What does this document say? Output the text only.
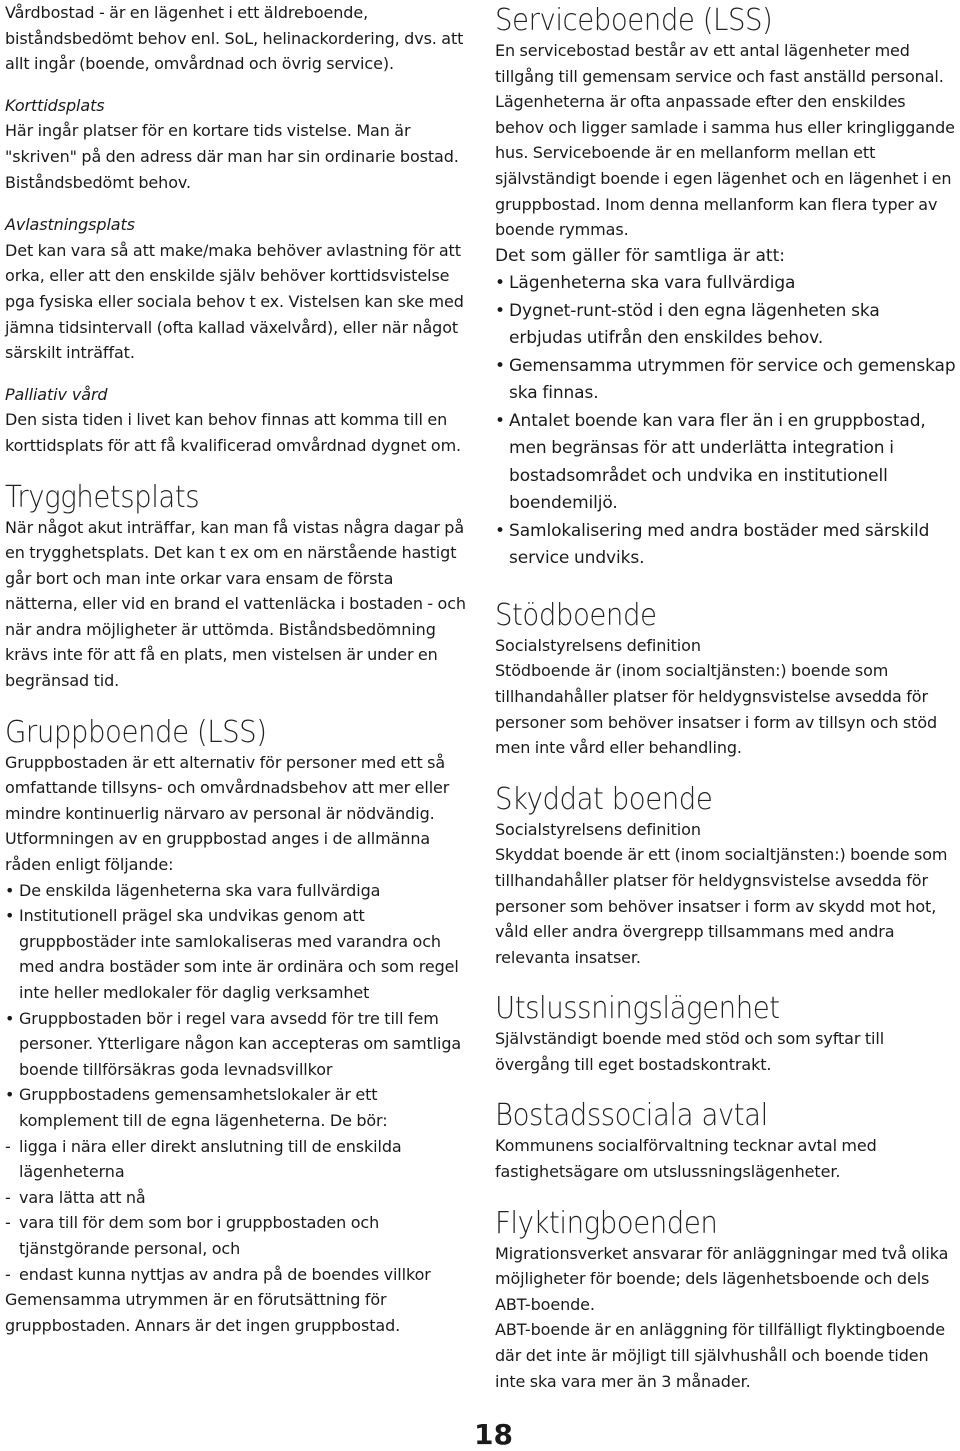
Vårdbostad - är en lägenhet i ett äldreboende, biståndsbedömt behov enl. SoL, helinackordering, dvs. att allt ingår (boende, omvårdnad och övrig service).

Korttidsplats

Här ingår platser för en kortare tids vistelse. Man är "skriven" på den adress där man har sin ordinarie bostad. Biståndsbedömt behov.

Avlastningsplats

Det kan vara så att make/maka behöver avlastning för att orka, eller att den enskilde själv behöver korttidsvistelse pga fysiska eller sociala behov t ex. Vistelsen kan ske med jämna tidsintervall (ofta kallad växelvård), eller när något särskilt inträffat.

Palliativ vård

Den sista tiden i livet kan behov finnas att komma till en korttidsplats för att få kvalificerad omvårdnad dygnet om.

Trygghetsplats

När något akut inträffar, kan man få vistas några dagar på en trygghetsplats. Det kan t ex om en närstående hastigt går bort och man inte orkar vara ensam de första nätterna, eller vid en brand el vattenläcka i bostaden - och när andra möjligheter är uttömda. Biståndsbedömning krävs inte för att få en plats, men vistelsen är under en begränsad tid.

Gruppboende (LSS)

Gruppbostaden är ett alternativ för personer med ett så omfattande tillsyns- och omvårdnadsbehov att mer eller mindre kontinuerlig närvaro av personal är nödvändig. Utformningen av en gruppbostad anges i de allmänna råden enligt följande:

• De enskilda lägenheterna ska vara fullvärdiga
• Institutionell prägel ska undvikas genom att gruppbostäder inte samlokaliseras med varandra och med andra bostäder som inte är ordinära och som regel inte heller medlokaler för daglig verksamhet
• Gruppbostaden bör i regel vara avsedd för tre till fem personer. Ytterligare någon kan accepteras om samtliga boende tillförsäkras goda levnadsvillkor
• Gruppbostadens gemensamhetslokaler är ett komplement till de egna lägenheterna. De bör:
- ligga i nära eller direkt anslutning till de enskilda lägenheterna
- vara lätta att nå
- vara till för dem som bor i gruppbostaden och tjänstgörande personal, och
- endast kunna nyttjas av andra på de boendes villkor

Gemensamma utrymmen är en förutsättning för gruppbostaden. Annars är det ingen gruppbostad.

Serviceboende (LSS)

En servicebostad består av ett antal lägenheter med tillgång till gemensam service och fast anställd personal. Lägenheterna är ofta anpassade efter den enskildes behov och ligger samlade i samma hus eller kringliggande hus. Serviceboende är en mellanform mellan ett självständigt boende i egen lägenhet och en lägenhet i en gruppbostad. Inom denna mellanform kan flera typer av boende rymmas.

Det som gäller för samtliga är att:

• Lägenheterna ska vara fullvärdiga
• Dygnet-runt-stöd i den egna lägenheten ska erbjudas utifrån den enskildes behov.
• Gemensamma utrymmen för service och gemenskap ska finnas.
• Antalet boende kan vara fler än i en gruppbostad, men begränsas för att underlätta integration i bostadsområdet och undvika en institutionell boendemiljö.
• Samlokalisering med andra bostäder med särskild service undviks.
Stödboende

Socialstyrelsens definition

Stödboende är (inom socialtjänsten:) boende som tillhandahåller platser för heldygnsvistelse avsedda för personer som behöver insatser i form av tillsyn och stöd men inte vård eller behandling.

Skyddat boende

Socialstyrelsens definition

Skyddat boende är ett (inom socialtjänsten:) boende som tillhandahåller platser för heldygnsvistelse avsedda för personer som behöver insatser i form av skydd mot hot, våld eller andra övergrepp tillsammans med andra relevanta insatser.

Utslussningslägenhet

Självständigt boende med stöd och som syftar till övergång till eget bostadskontrakt.

Bostadssociala avtal

Kommunens socialförvaltning tecknar avtal med fastighetsägare om utslussningslägenheter.

Flyktingboenden

Migrationsverket ansvarar för anläggningar med två olika möjligheter för boende; dels lägenhetsboende och dels ABT-boende.

ABT-boende är en anläggning för tillfälligt flyktingboende där det inte är möjligt till självhushåll och boende tiden inte ska vara mer än 3 månader.

18
